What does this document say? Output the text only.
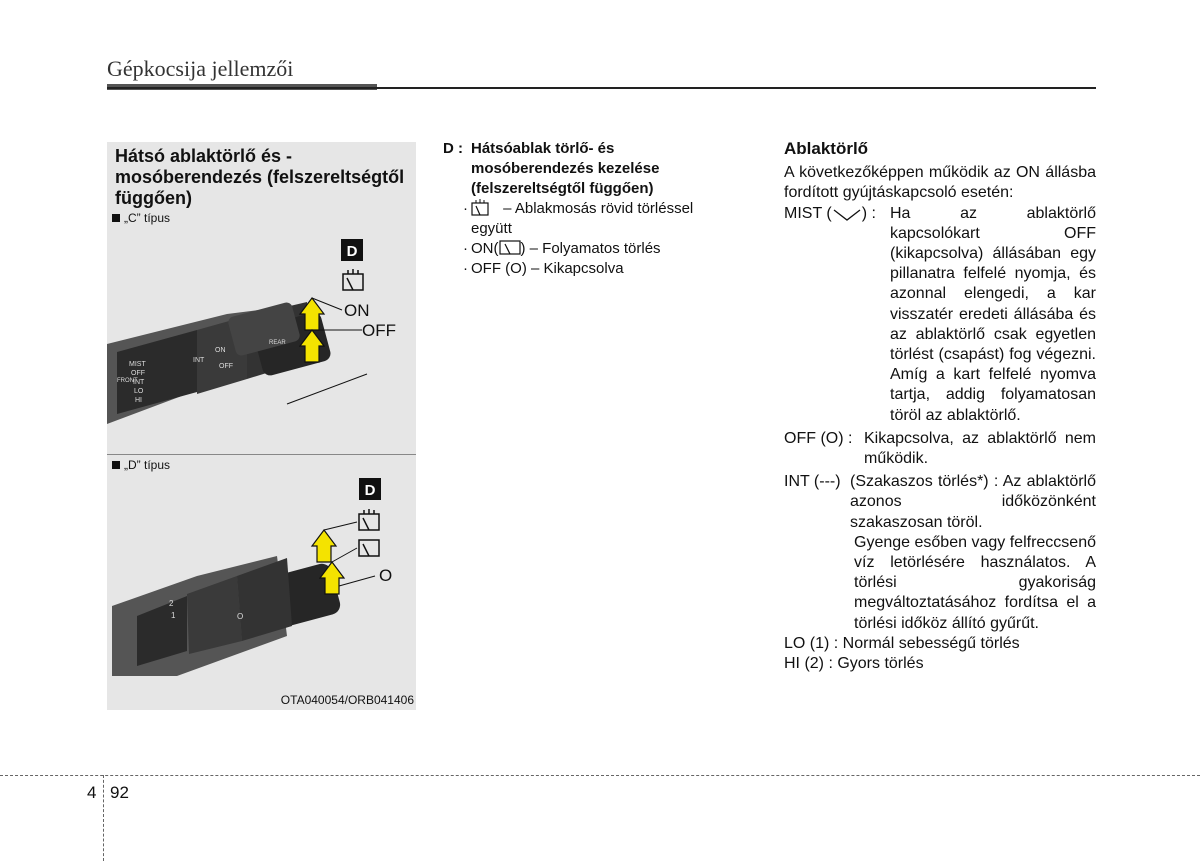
Gépkocsija jellemzői
Hátsó ablaktörlő és - mosóberendezés (felszereltségtől függően)
„C” típus
D
MIST
OFF
INT
LO
HI
FRONT
INT
ON
OFF
REAR
ON
OFF
„D” típus
D
2
1	O
O
OTA040054/ORB041406
D : Hátsóablak törlő- és mosóberendezés kezelése (felszereltségtől függően)
·	– Ablakmosás rövid törléssel együtt
· ON( ) – Folyamatos törlés
· OFF (O) – Kikapcsolva
Ablaktörlő
A következőképpen működik az ON állásba fordított gyújtáskapcsoló esetén:
MIST ( ) : Ha az ablaktörlő kapcsolókart OFF (kikapcsolva) állásában egy pillanatra felfelé nyomja, és azonnal elengedi, a kar visszatér eredeti állásába és az ablaktörlő csak egyetlen törlést (csapást) fog végezni. Amíg a kart felfelé nyomva tartja, addig folyamatosan töröl az ablaktörlő.
OFF (O) : Kikapcsolva, az ablaktörlő nem működik.
INT (---) (Szakaszos törlés*) : Az ablaktörlő azonos időközönként szakaszosan töröl.
Gyenge esőben vagy felfreccsenő víz letörlésére használatos. A törlési gyakoriság megváltoztatásához fordítsa el a törlési időköz állító gyűrűt.
LO (1) : Normál sebességű törlés
HI (2) : Gyors törlés
4 92
